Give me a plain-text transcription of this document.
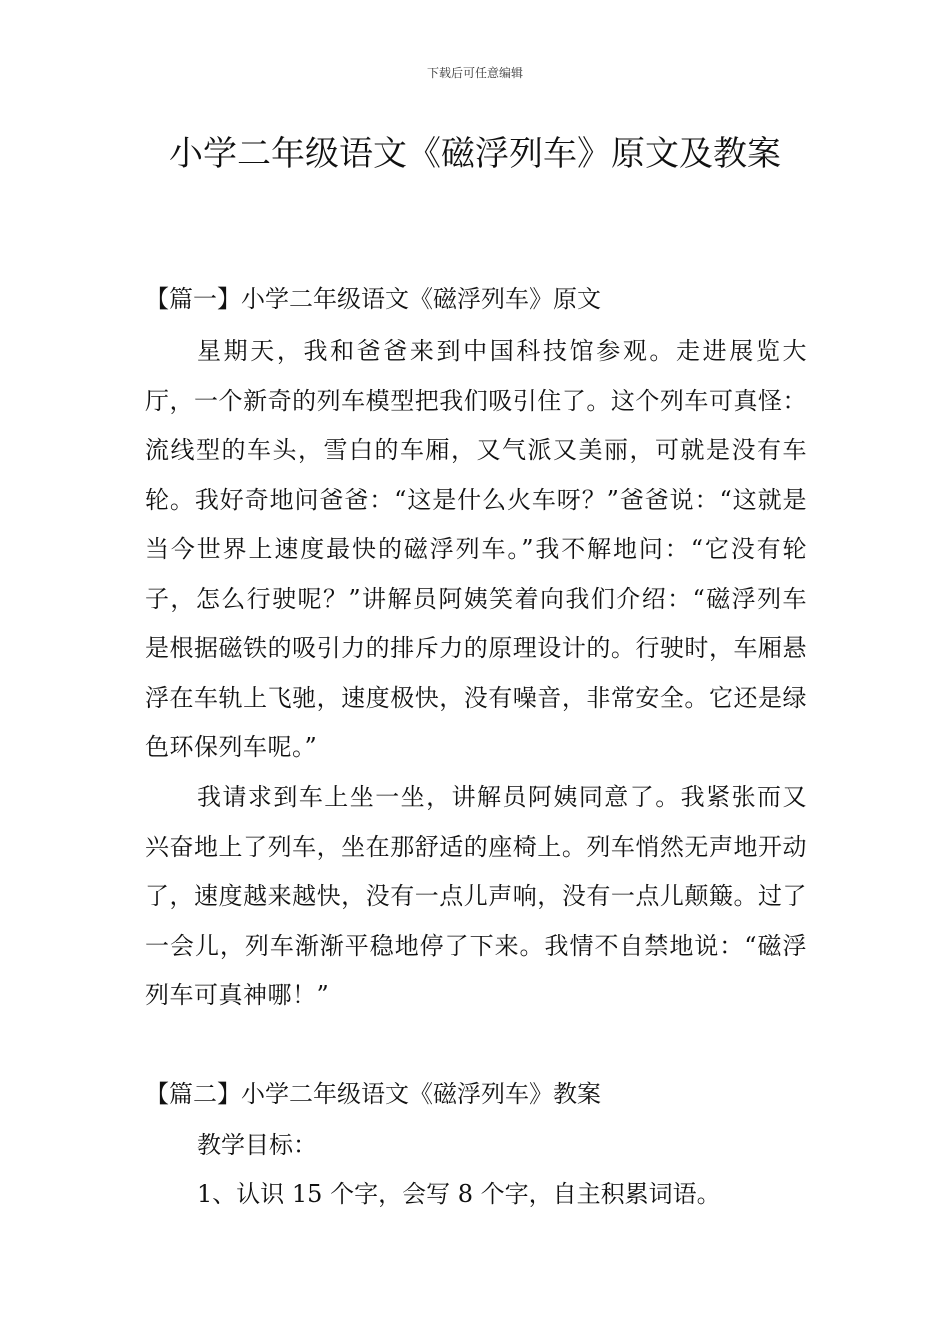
下载后可任意编辑
小学二年级语文《磁浮列车》原文及教案
【篇一】小学二年级语文《磁浮列车》原文
星期天，我和爸爸来到中国科技馆参观。走进展览大厅，一个新奇的列车模型把我们吸引住了。这个列车可真怪：流线型的车头，雪白的车厢，又气派又美丽，可就是没有车轮。我好奇地问爸爸：“这是什么火车呀？”爸爸说：“这就是当今世界上速度最快的磁浮列车。”我不解地问：“它没有轮子，怎么行驶呢？”讲解员阿姨笑着向我们介绍：“磁浮列车是根据磁铁的吸引力的排斥力的原理设计的。行驶时，车厢悬浮在车轨上飞驰，速度极快，没有噪音，非常安全。它还是绿色环保列车呢。”
我请求到车上坐一坐，讲解员阿姨同意了。我紧张而又兴奋地上了列车，坐在那舒适的座椅上。列车悄然无声地开动了，速度越来越快，没有一点儿声响，没有一点儿颠簸。过了一会儿，列车渐渐平稳地停了下来。我情不自禁地说：“磁浮列车可真神哪！”
【篇二】小学二年级语文《磁浮列车》教案
教学目标：
1、认识 15 个字，会写 8 个字，自主积累词语。
